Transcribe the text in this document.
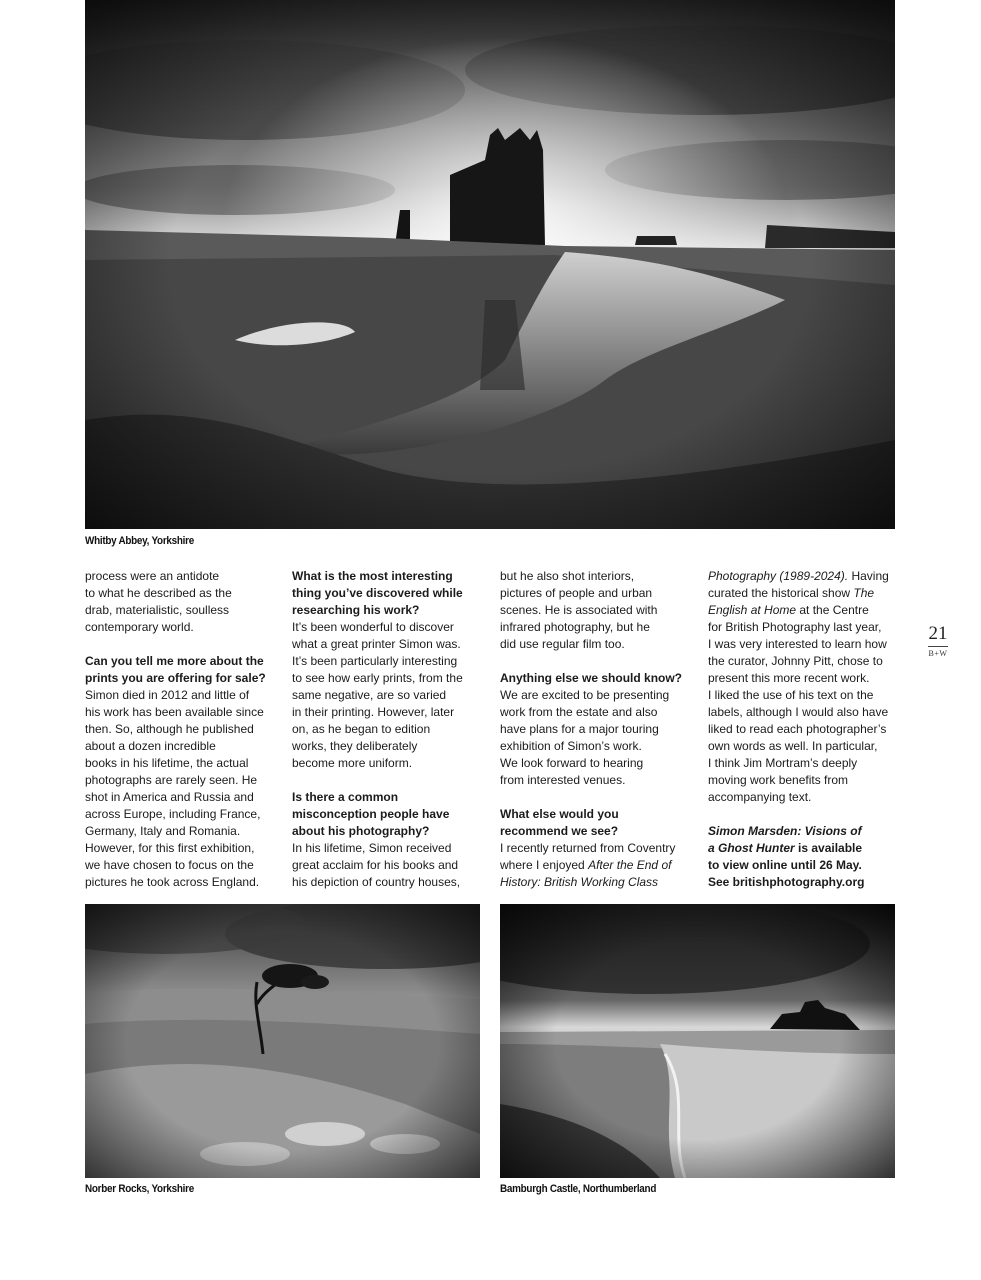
Whitby Abbey, Yorkshire

process were an antidote

to what he described as the

drab, materialistic, soulless

contemporary world.

Can you tell me more about the

prints you are offering for sale?

Simon died in 2012 and little of

his work has been available since

then. So, although he published

about a dozen incredible

books in his lifetime, the actual

photographs are rarely seen. He

shot in America and Russia and

across Europe, including France,

Germany, Italy and Romania.

However, for this first exhibition,

we have chosen to focus on the

pictures he took across England.

What is the most interesting

thing you’ve discovered while

researching his work?

It’s been wonderful to discover

what a great printer Simon was.

It’s been particularly interesting

to see how early prints, from the

same negative, are so varied

in their printing. However, later

on, as he began to edition

works, they deliberately

become more uniform.

Is there a common

misconception people have

about his photography?

In his lifetime, Simon received

great acclaim for his books and

his depiction of country houses,

but he also shot interiors,

pictures of people and urban

scenes. He is associated with

infrared photography, but he

did use regular film too.

Anything else we should know?

We are excited to be presenting

work from the estate and also

have plans for a major touring

exhibition of Simon’s work.

We look forward to hearing

from interested venues.

What else would you

recommend we see?

I recently returned from Coventry

where I enjoyed After the End of

History: British Working Class

Photography (1989-2024). Having

curated the historical show The

English at Home at the Centre

for British Photography last year,

I was very interested to learn how

the curator, Johnny Pitt, chose to

present this more recent work.

I liked the use of his text on the

labels, although I would also have

liked to read each photographer’s

own words as well. In particular,

I think Jim Mortram’s deeply

moving work benefits from

accompanying text.

Simon Marsden: Visions of

a Ghost Hunter is available

to view online until 26 May.

See britishphotography.org

21
B+W
Norber Rocks, Yorkshire	Bamburgh Castle, Northumberland
